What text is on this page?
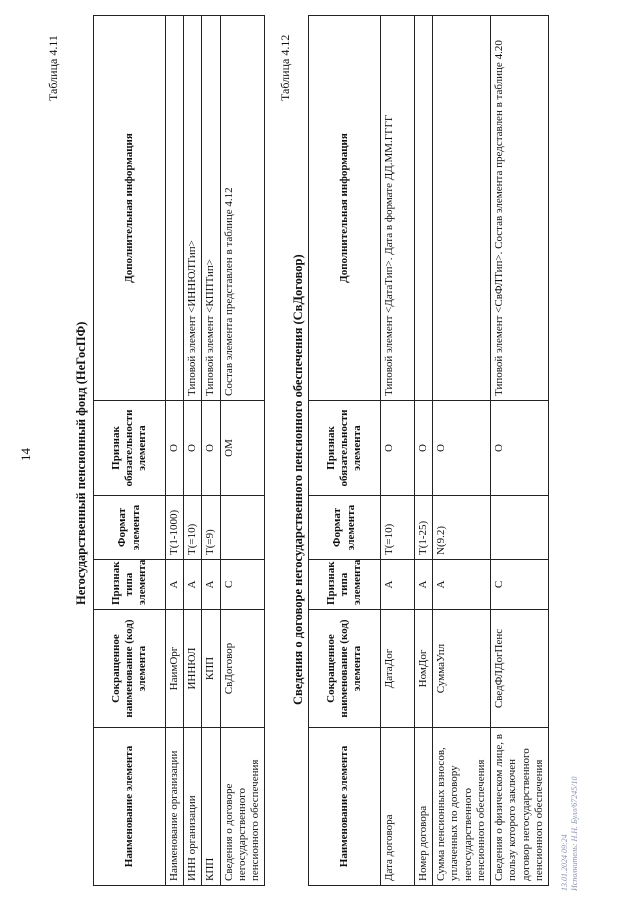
14
Таблица 4.11
Негосударственный пенсионный фонд (НеГосПФ)
Наименование элемента	Сокращенное наименование (код) элемента	Признак типа элемента	Формат элемента	Признак обязательности элемента	Дополнительная информация
Наименование организации	НаимОрг	А	T(1-1000)	О	
ИНН организации	ИННЮЛ	А	T(=10)	О	Типовой элемент <ИННЮЛТип>
КПП	КПП	А	T(=9)	О	Типовой элемент <КППТип>
Сведения о договоре негосударственного пенсионного обеспечения	СвДоговор	С		ОМ	Состав элемента представлен в таблице 4.12
Таблица 4.12
Сведения о договоре негосударственного пенсионного обеспечения (СвДоговор)
Наименование элемента	Сокращенное наименование (код) элемента	Признак типа элемента	Формат элемента	Признак обязательности элемента	Дополнительная информация
Дата договора	ДатаДог	А	T(=10)	О	Типовой элемент <ДатаТип>. Дата в формате ДД.ММ.ГГГГ
Номер договора	НомДог	А	T(1-25)	О	
Сумма пенсионных взносов, уплаченных по договору негосударственного пенсионного обеспечения	СуммаУпл	А	N(9.2)	О	
Сведения о физическом лице, в пользу которого заключен договор негосударственного пенсионного обеспечения	СведФЛДогПенс	С		О	Типовой элемент <СвФЛТип>. Состав элемента представлен в таблице 4.20
13.01.2024 09:24 Исполнитель: Н.Н. Булл/67245/10
